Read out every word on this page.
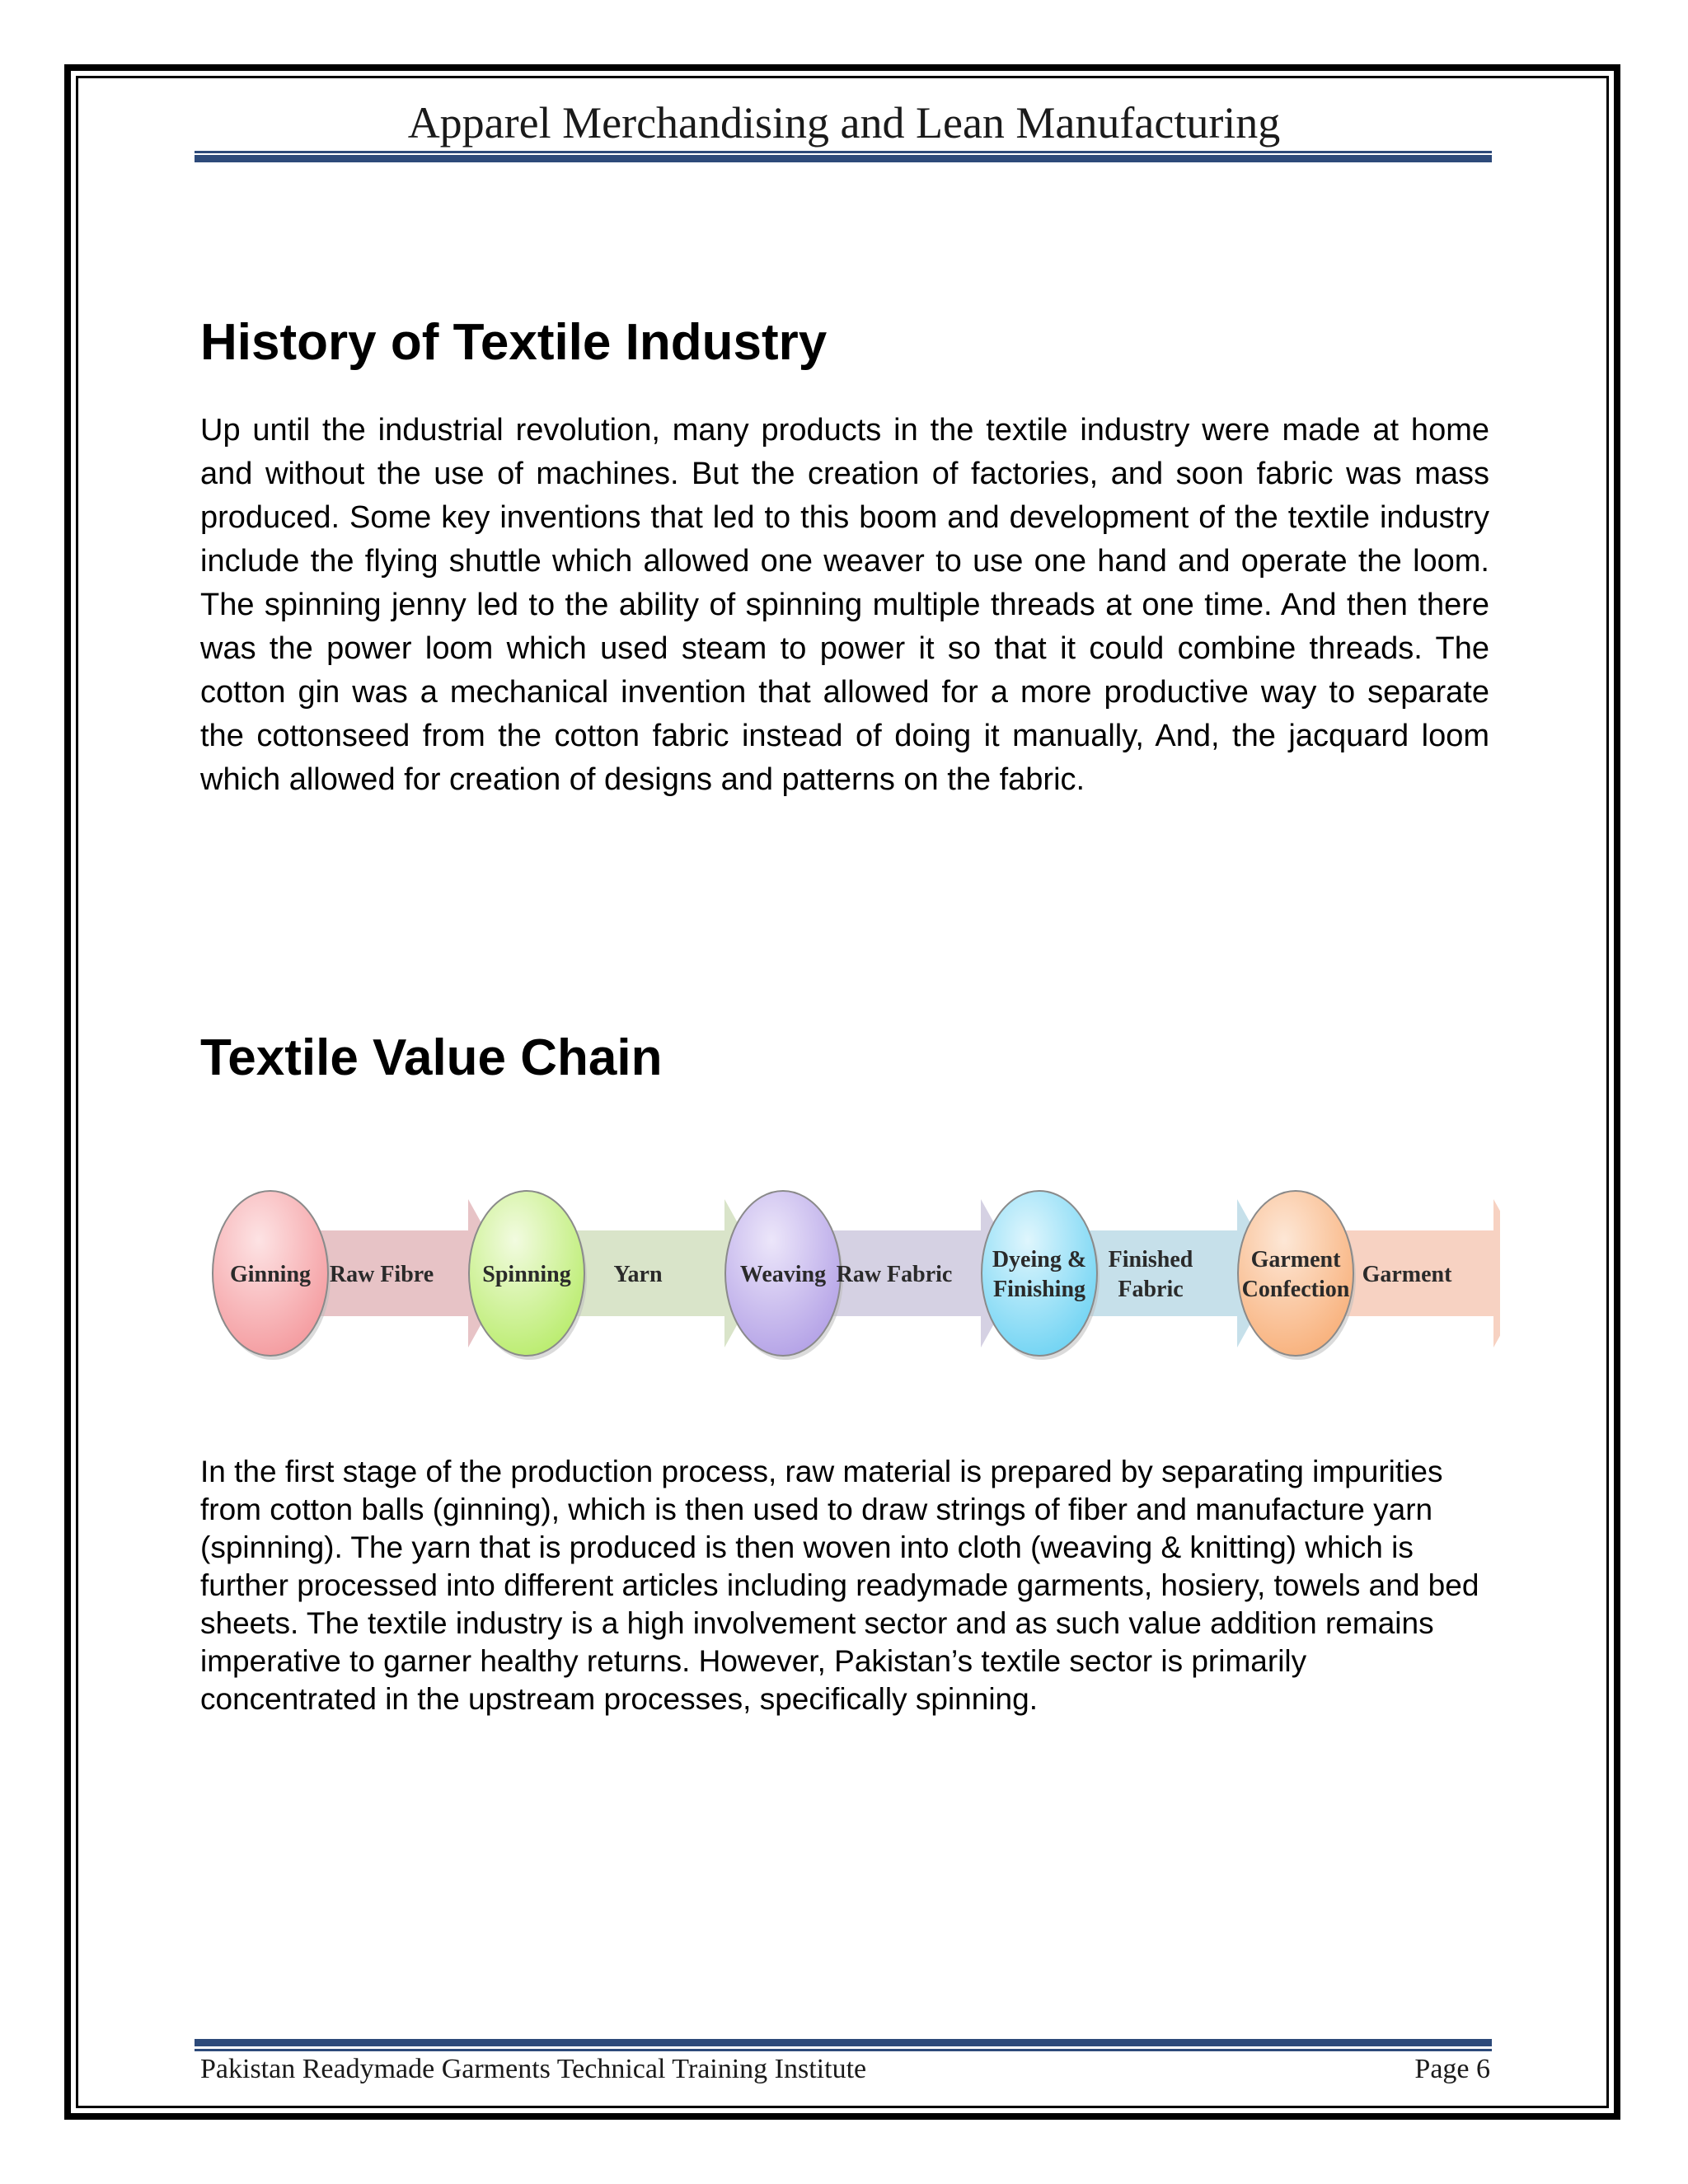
Apparel Merchandising and Lean Manufacturing
History of Textile Industry

Up until the industrial revolution, many products in the textile industry were made at home and without the use of machines. But the creation of factories, and soon fabric was mass produced. Some key inventions that led to this boom and development of the textile industry include the flying shuttle which allowed one weaver to use one hand and operate the loom. The spinning jenny led to the ability of spinning multiple threads at one time. And then there was the power loom which used steam to power it so that it could combine threads. The cotton gin was a mechanical invention that allowed for a more productive way to separate the cottonseed from the cotton fabric instead of doing it manually, And, the jacquard loom which allowed for creation of designs and patterns on the fabric.

Textile Value Chain
Ginning Raw Fibre Spinning Yarn	Weaving Raw Fabric
Dyeing &
Finishing
Finished
Fabric
Garment
Confection
Garment

In the first stage of the production process, raw material is prepared by separating impurities from cotton balls (ginning), which is then used to draw strings of fiber and manufacture yarn (spinning). The yarn that is produced is then woven into cloth (weaving & knitting) which is further processed into different articles including readymade garments, hosiery, towels and bed sheets. The textile industry is a high involvement sector and as such value addition remains imperative to garner healthy returns. However, Pakistan’s textile sector is primarily concentrated in the upstream processes, specifically spinning.

Pakistan Readymade Garments Technical Training Institute	Page 6
